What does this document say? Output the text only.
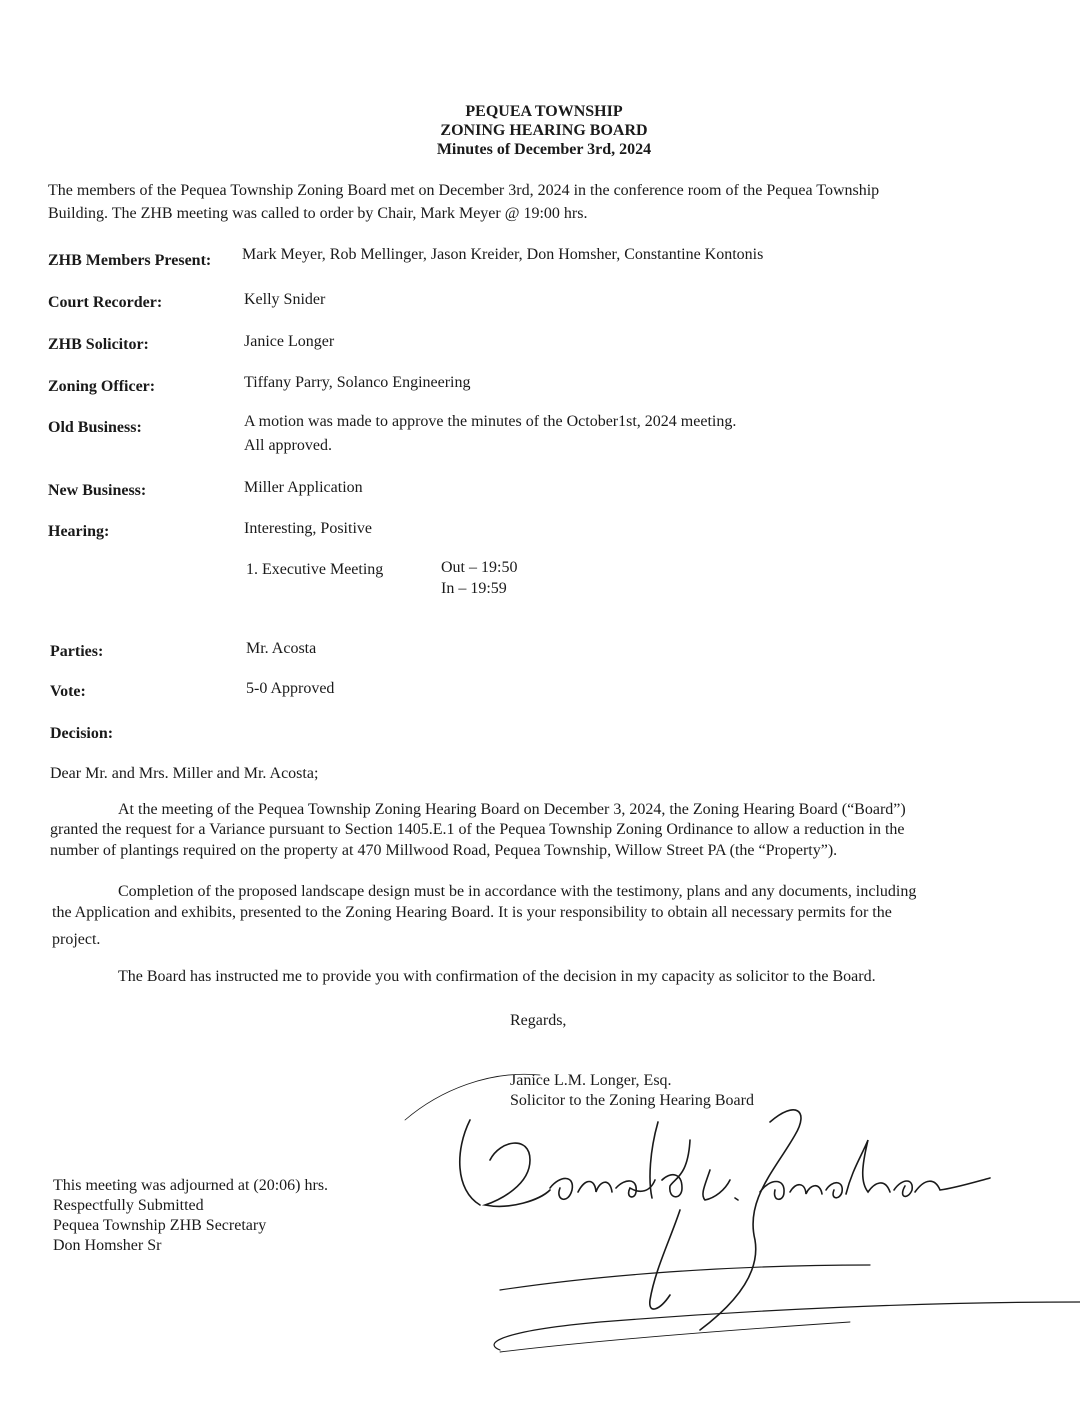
PEQUEA TOWNSHIP
ZONING HEARING BOARD
Minutes of December 3rd, 2024
The members of the Pequea Township Zoning Board met on December 3rd, 2024 in the conference room of the Pequea Township
Building. The ZHB meeting was called to order by Chair, Mark Meyer @ 19:00 hrs.
ZHB Members Present: Mark Meyer, Rob Mellinger, Jason Kreider, Don Homsher, Constantine Kontonis
Court Recorder:	Kelly Snider
ZHB Solicitor:	Janice Longer
Zoning Officer:	Tiffany Parry, Solanco Engineering
Old Business:	A motion was made to approve the minutes of the October1st, 2024 meeting.
All approved.
New Business:	Miller Application
Hearing:	Interesting, Positive
1. Executive Meeting	Out – 19:50
In – 19:59
Parties:	Mr. Acosta
Vote:	5-0 Approved
Decision:
Dear Mr. and Mrs. Miller and Mr. Acosta;
At the meeting of the Pequea Township Zoning Hearing Board on December 3, 2024, the Zoning Hearing Board (“Board”)
granted the request for a Variance pursuant to Section 1405.E.1 of the Pequea Township Zoning Ordinance to allow a reduction in the
number of plantings required on the property at 470 Millwood Road, Pequea Township, Willow Street PA (the “Property”).
Completion of the proposed landscape design must be in accordance with the testimony, plans and any documents, including
the Application and exhibits, presented to the Zoning Hearing Board. It is your responsibility to obtain all necessary permits for the
project.
The Board has instructed me to provide you with confirmation of the decision in my capacity as solicitor to the Board.
Regards,
Janice L.M. Longer, Esq.
Solicitor to the Zoning Hearing Board
This meeting was adjourned at (20:06) hrs.
Respectfully Submitted
Pequea Township ZHB Secretary
Don Homsher Sr
